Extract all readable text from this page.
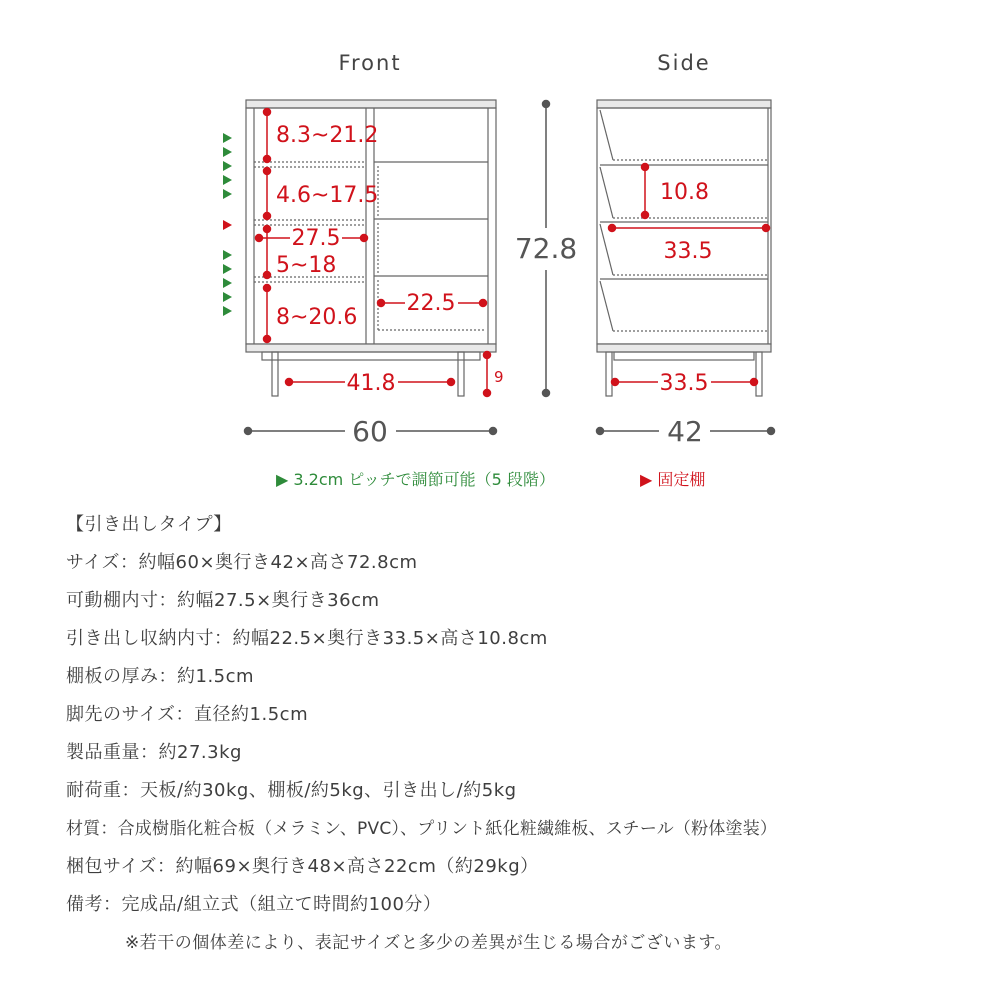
Front	Side
8.3~21.2
4.6~17.5
27.5
5~18
8~20.6
22.5
41.8	9
72.8
60
10.8
33.5
33.5
42
▶ 3.2cm ピッチで調節可能（5 段階）	▶ 固定棚
【引き出しタイプ】
サイズ：約幅60×奥行き42×高さ72.8cm
可動棚内寸：約幅27.5×奥行き36cm
引き出し収納内寸：約幅22.5×奥行き33.5×高さ10.8cm
棚板の厚み：約1.5cm
脚先のサイズ：直径約1.5cm
製品重量：約27.3kg
耐荷重：天板/約30kg、棚板/約5kg、引き出し/約5kg
材質：合成樹脂化粧合板（メラミン、PVC）、プリント紙化粧繊維板、スチール（粉体塗装）
梱包サイズ：約幅69×奥行き48×高さ22cm（約29kg）
備考：完成品/組立式（組立て時間約100分）
※若干の個体差により、表記サイズと多少の差異が生じる場合がございます。
